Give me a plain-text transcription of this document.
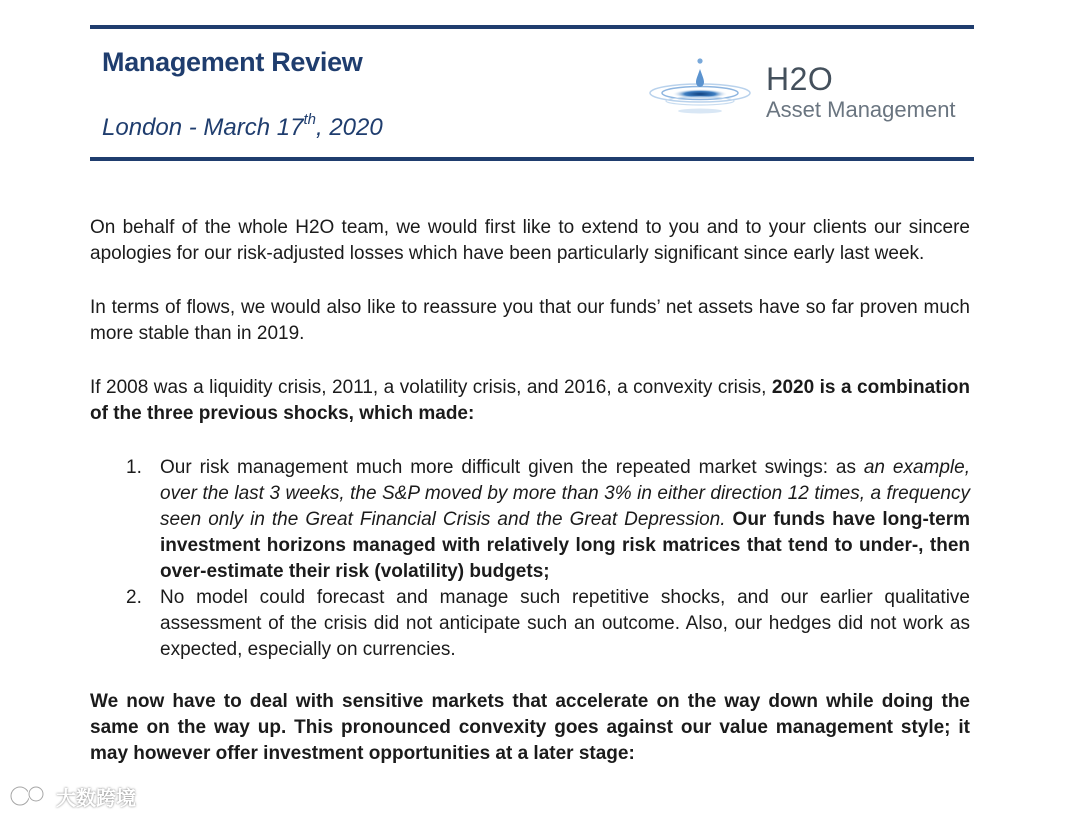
Management Review
London - March 17th, 2020
H2O
Asset Management

On behalf of the whole H2O team, we would first like to extend to you and to your clients our sincere apologies for our risk-adjusted losses which have been particularly significant since early last week.

In terms of flows, we would also like to reassure you that our funds’ net assets have so far proven much more stable than in 2019.

If 2008 was a liquidity crisis, 2011, a volatility crisis, and 2016, a convexity crisis, 2020 is a combination of the three previous shocks, which made:

1. Our risk management much more difficult given the repeated market swings: as an example, over the last 3 weeks, the S&P moved by more than 3% in either direction 12 times, a frequency seen only in the Great Financial Crisis and the Great Depression. Our funds have long-term investment horizons managed with relatively long risk matrices that tend to under-, then over-estimate their risk (volatility) budgets;
2. No model could forecast and manage such repetitive shocks, and our earlier qualitative assessment of the crisis did not anticipate such an outcome. Also, our hedges did not work as expected, especially on currencies.

We now have to deal with sensitive markets that accelerate on the way down while doing the same on the way up. This pronounced convexity goes against our value management style; it may however offer investment opportunities at a later stage:

大数跨境
